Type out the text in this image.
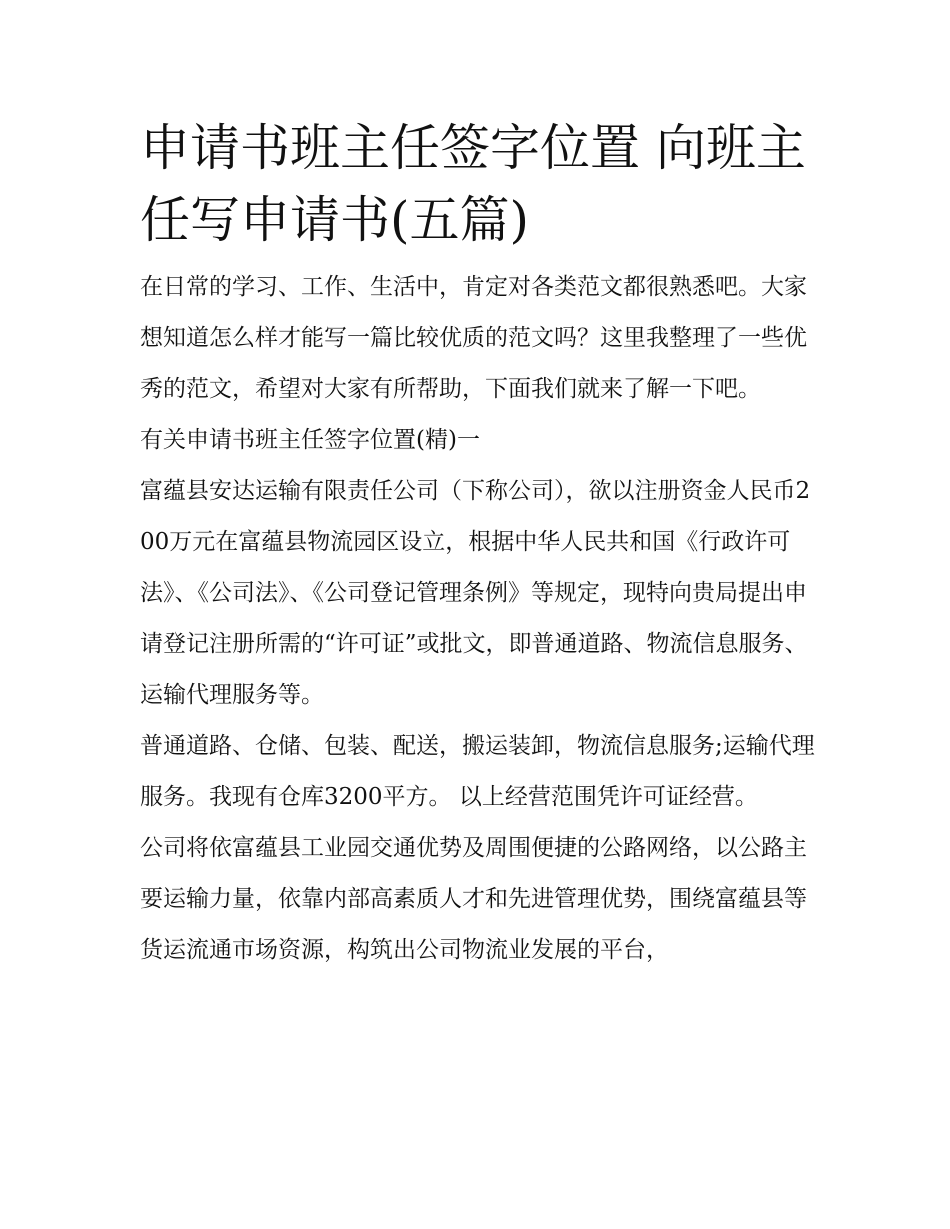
申请书班主任签字位置 向班主任写申请书(五篇)

在日常的学习、工作、生活中，肯定对各类范文都很熟悉吧。大家想知道怎么样才能写一篇比较优质的范文吗？这里我整理了一些优秀的范文，希望对大家有所帮助，下面我们就来了解一下吧。

有关申请书班主任签字位置(精)一

富蕴县安达运输有限责任公司（下称公司），欲以注册资金人民币200万元在富蕴县物流园区设立，根据中华人民共和国《行政许可法》、《公司法》、《公司登记管理条例》等规定，现特向贵局提出申请登记注册所需的“许可证”或批文，即普通道路、物流信息服务、运输代理服务等。

普通道路、仓储、包装、配送，搬运装卸，物流信息服务;运输代理服务。我现有仓库3200平方。 以上经营范围凭许可证经营。

公司将依富蕴县工业园交通优势及周围便捷的公路网络，以公路主要运输力量，依靠内部高素质人才和先进管理优势，围绕富蕴县等货运流通市场资源，构筑出公司物流业发展的平台，
